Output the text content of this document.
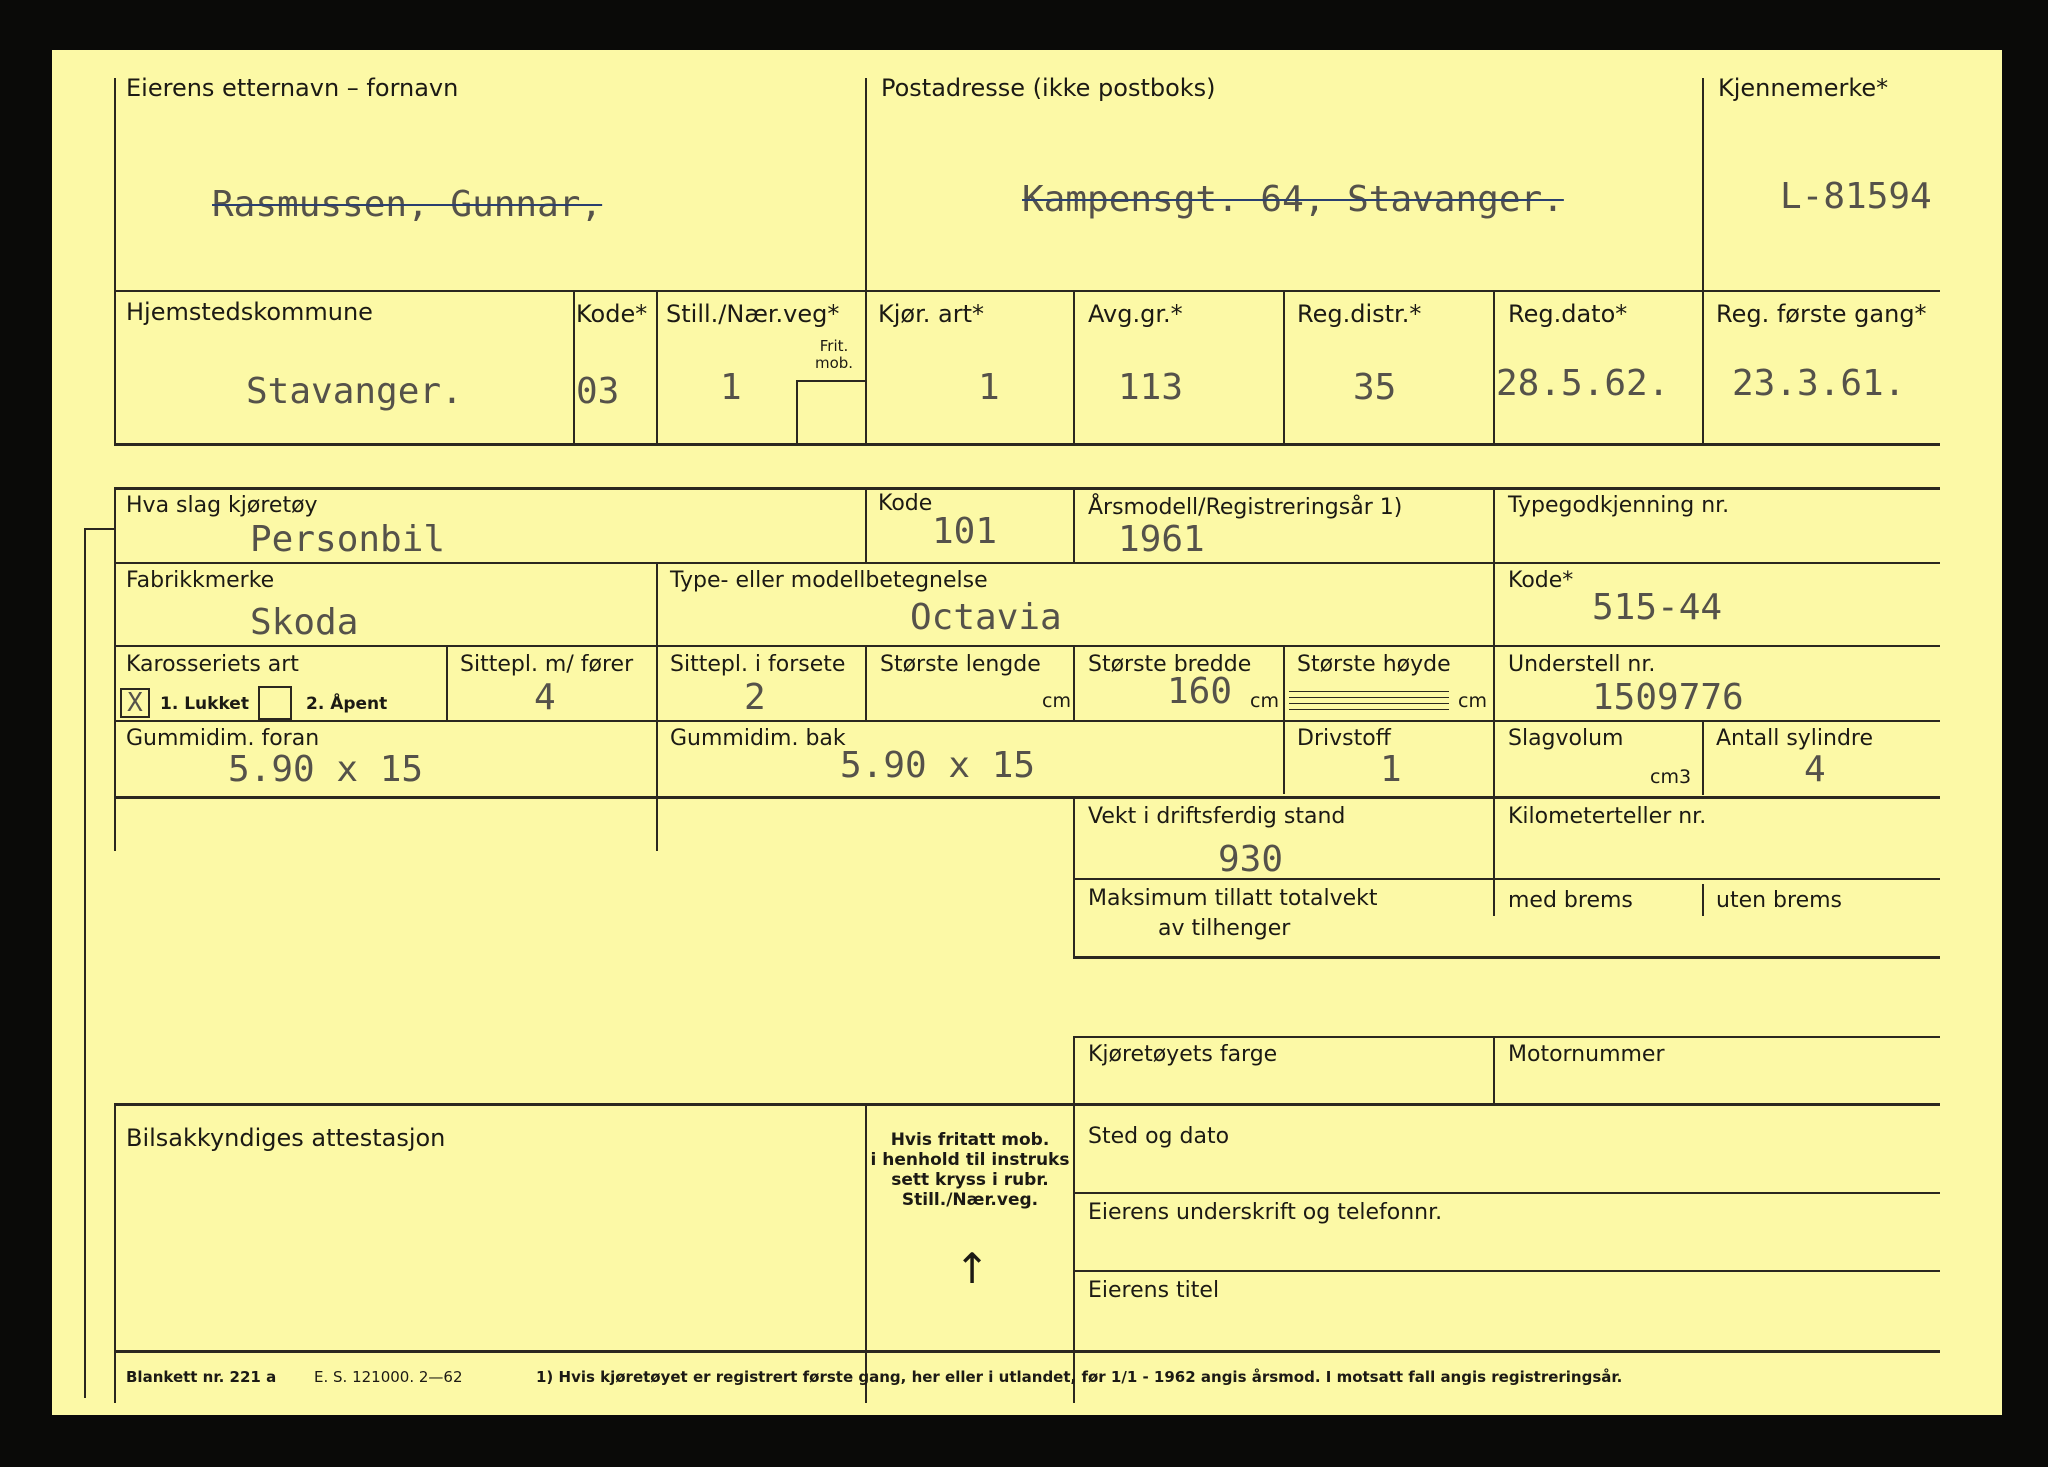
Eierens etternavn – fornavn
Rasmussen, Gunnar,
Postadresse (ikke postboks)
Kampensgt. 64, Stavanger.
Kjennemerke*
L-81594
Hjemstedskommune
Stavanger.
Kode*
03
Still./Nær.veg*
1
Frit. mob.
Kjør. art*
1
Avg.gr.*
113
Reg.distr.*
35
Reg.dato*
28.5.62.
Reg. første gang*
23.3.61.
Hva slag kjøretøy
Personbil
Kode
101
Årsmodell/Registreringsår 1)
1961
Typegodkjenning nr.
Fabrikkmerke
Skoda
Type- eller modellbetegnelse
Octavia
Kode*
515-44
Karosseriets art
X	1. Lukket	2. Åpent
Sittepl. m/ fører
4
Sittepl. i forsete
2
Største lengde
cm
Største bredde
160 cm
Største høyde
cm
Understell nr.
1509776
Gummidim. foran
5.90 x 15
Gummidim. bak
5.90 x 15
Drivstoff
1
Slagvolum
cm3
Antall sylindre
4
Vekt i driftsferdig stand
930
Kilometerteller nr.
Maksimum tillatt totalvekt
av tilhenger
med brems	uten brems
Kjøretøyets farge	Motornummer
Bilsakkyndiges attestasjon	Hvis fritatt mob.
i henhold til instruks
sett kryss i rubr.
Still./Nær.veg.
↑
Sted og dato
Eierens underskrift og telefonnr.
Eierens titel
Blankett nr. 221 a	E. S. 121000. 2—62	1) Hvis kjøretøyet er registrert første gang, her eller i utlandet, før 1/1 - 1962 angis årsmod. I motsatt fall angis registreringsår.
